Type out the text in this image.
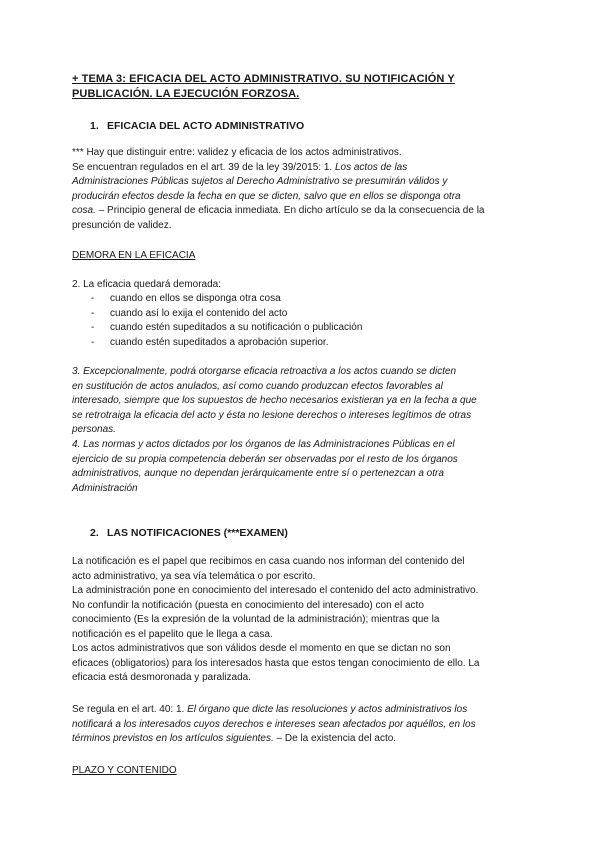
+ TEMA 3: EFICACIA DEL ACTO ADMINISTRATIVO. SU NOTIFICACIÓN Y PUBLICACIÓN. LA EJECUCIÓN FORZOSA.
1. EFICACIA DEL ACTO ADMINISTRATIVO
*** Hay que distinguir entre: validez y eficacia de los actos administrativos.
Se encuentran regulados en el art. 39 de la ley 39/2015: 1. Los actos de las
Administraciones Públicas sujetos al Derecho Administrativo se presumirán válidos y
producirán efectos desde la fecha en que se dicten, salvo que en ellos se disponga otra
cosa. – Principio general de eficacia inmediata. En dicho artículo se da la consecuencia de la
presunción de validez.
DEMORA EN LA EFICACIA
2. La eficacia quedará demorada:
-	cuando en ellos se disponga otra cosa
-	cuando así lo exija el contenido del acto
-	cuando estén supeditados a su notificación o publicación
-	cuando estén supeditados a aprobación superior.
3. Excepcionalmente, podrá otorgarse eficacia retroactiva a los actos cuando se dicten
en sustitución de actos anulados, así como cuando produzcan efectos favorables al
interesado, siempre que los supuestos de hecho necesarios existieran ya en la fecha a que
se retrotraiga la eficacia del acto y ésta no lesione derechos o intereses legítimos de otras
personas.
4. Las normas y actos dictados por los órganos de las Administraciones Públicas en el
ejercicio de su propia competencia deberán ser observadas por el resto de los órganos
administrativos, aunque no dependan jerárquicamente entre sí o pertenezcan a otra
Administración
2. LAS NOTIFICACIONES (***EXAMEN)
La notificación es el papel que recibimos en casa cuando nos informan del contenido del
acto administrativo, ya sea vía telemática o por escrito.
La administración pone en conocimiento del interesado el contenido del acto administrativo.
No confundir la notificación (puesta en conocimiento del interesado) con el acto
conocimiento (Es la expresión de la voluntad de la administración); mientras que la
notificación es el papelito que le llega a casa.
Los actos administrativos que son válidos desde el momento en que se dictan no son
eficaces (obligatorios) para los interesados hasta que estos tengan conocimiento de ello. La
eficacia está desmoronada y paralizada.
Se regula en el art. 40: 1. El órgano que dicte las resoluciones y actos administrativos los
notificará a los interesados cuyos derechos e intereses sean afectados por aquéllos, en los
términos previstos en los artículos siguientes. – De la existencia del acto.
PLAZO Y CONTENIDO
